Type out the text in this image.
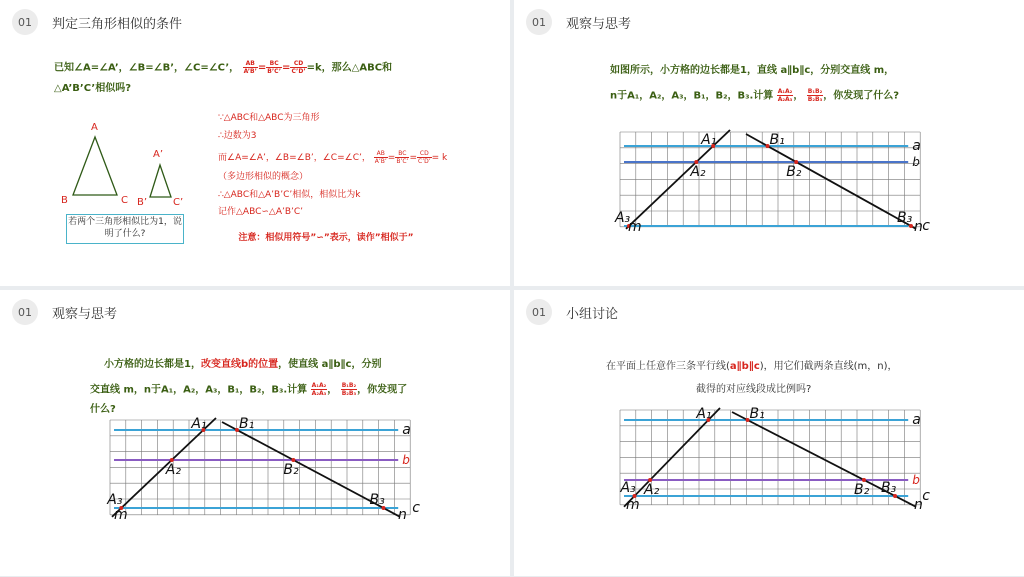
01	判定三角形相似的条件
已知∠A=∠A’，∠B=∠B’，∠C=∠C’， $\frac{AB}{A’B’} = \frac{BC}{B’C’} = \frac{CD}{C’D’} =k$，那么△ABC和
△A’B’C’相似吗?
A
B	C
A’
B’	C’
若两个三角形相似比为1，说明了什么?
∵△ABC和△ABC为三角形
∴边数为3
而∠A=∠A’，∠B=∠B’，∠C=∠C’， $\frac{AB}{A’B’} = \frac{BC}{B’C’} = \frac{CD}{C’D’} = k$
（多边形相似的概念）
∴△ABC和△A’B’C’相似，相似比为k
记作△ABC∽△A’B’C’
注意：相似用符号”∽”表示，读作”相似于”
01	观察与思考
如图所示，小方格的边长都是1，直线 a∥b∥c，分别交直线 m，
n于A₁，A₂，A₃，B₁，B₂，B₃.计算 $\frac{\text{A₁A₂}}{\text{A₂A₃}}$ ， $\frac{\text{B₁B₂}}{\text{B₂B₃}}$ ，你发现了什么?
A₁
A₂
A₃
B₁
B₂
B₃
a
b
c
m	n
01	观察与思考
小方格的边长都是1，改变直线b的位置，使直线 a∥b∥c，分别
交直线 m，n于A₁，A₂，A₃，B₁，B₂，B₃.计算 $\frac{\text{A₁A₂}}{\text{A₂A₃}}$ ， $\frac{\text{B₁B₂}}{\text{B₂B₃}}$ ，你发现了
什么?
A₁
A₂
A₃
B₁
B₂
B₃
a
b
c
m	n
01	小组讨论
在平面上任意作三条平行线(a∥b∥c)，用它们截两条直线(m，n)，
截得的对应线段成比例吗?
A₁
A₂
A₃
B₁
B₂ B₃
a
b
c
m	n
